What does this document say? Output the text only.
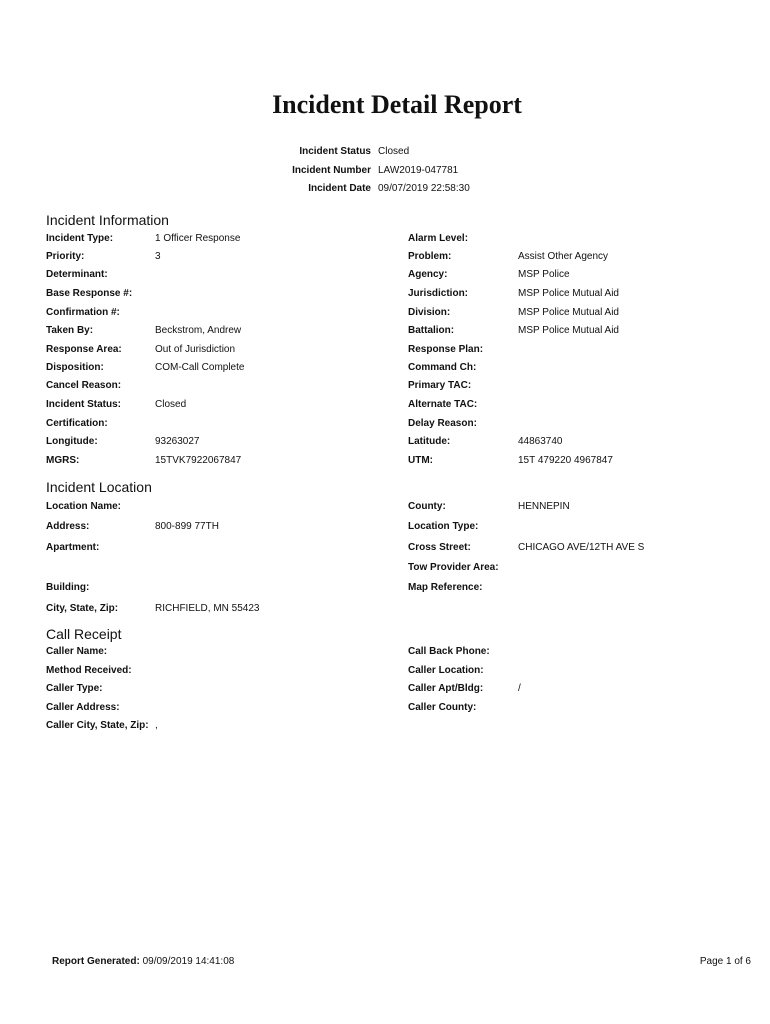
Incident Detail Report
Incident Status Closed
Incident Number LAW2019-047781
Incident Date 09/07/2019 22:58:30
Incident Information
Incident Type:	1 Officer Response
Priority:	3
Determinant:
Base Response #:
Confirmation #:
Taken By:	Beckstrom, Andrew
Response Area:	Out of Jurisdiction
Disposition:	COM-Call Complete
Cancel Reason:
Incident Status:	Closed
Certification:
Longitude:	93263027
MGRS:	15TVK7922067847
Alarm Level:
Problem:	Assist Other Agency
Agency:	MSP Police
Jurisdiction:	MSP Police Mutual Aid
Division:	MSP Police Mutual Aid
Battalion:	MSP Police Mutual Aid
Response Plan:
Command Ch:
Primary TAC:
Alternate TAC:
Delay Reason:
Latitude:	44863740
UTM:	15T 479220 4967847
Incident Location
Location Name:
Address:	800-899 77TH
Apartment:
Building:
City, State, Zip:	RICHFIELD, MN 55423
County:	HENNEPIN
Location Type:
Cross Street:	CHICAGO AVE/12TH AVE S
Tow Provider Area:
Map Reference:
Call Receipt
Caller Name:
Method Received:
Caller Type:
Caller Address:
Caller City, State, Zip: ,
Call Back Phone:
Caller Location:
Caller Apt/Bldg:	/
Caller County:
Report Generated: 09/09/2019 14:41:08	Page 1 of 6
